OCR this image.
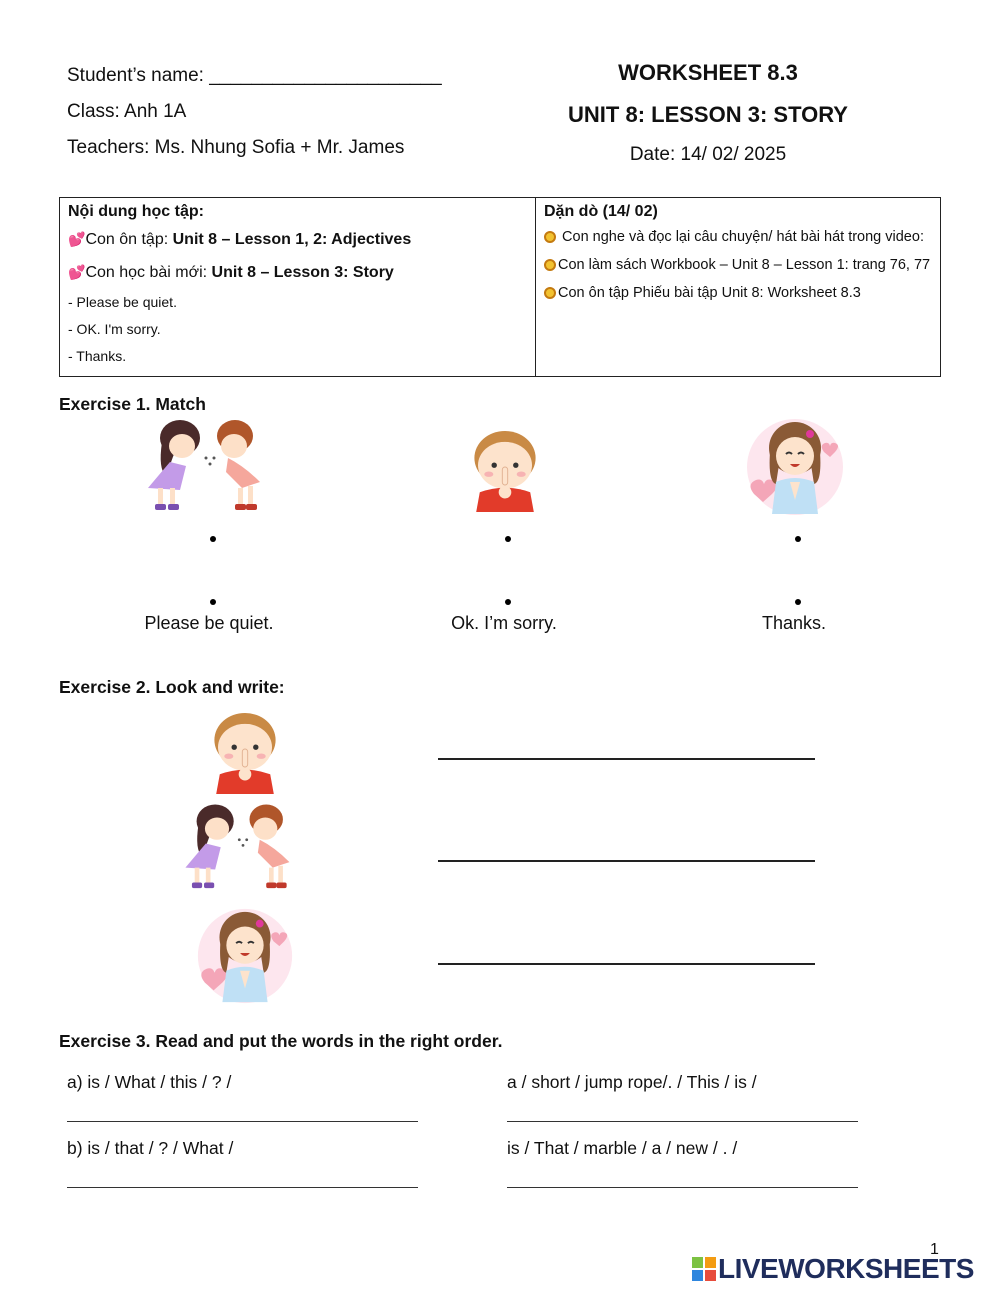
Student’s name: ______________________
Class: Anh 1A
Teachers: Ms. Nhung Sofia + Mr. James
WORKSHEET 8.3
UNIT 8: LESSON 3: STORY
Date: 14/ 02/ 2025
Nội dung học tập:
💕Con ôn tập: Unit 8 – Lesson 1, 2: Adjectives
💕Con học bài mới: Unit 8 – Lesson 3: Story
- Please be quiet.
- OK. I'm sorry.
- Thanks.

Dặn dò (14/ 02)
Con nghe và đọc lại câu chuyện/ hát bài hát trong video:
Con làm sách Workbook – Unit 8 – Lesson 1: trang 76, 77
Con ôn tập Phiếu bài tập Unit 8: Worksheet 8.3
Exercise 1. Match
Please be quiet.	Ok. I’m sorry.	Thanks.
Exercise 2. Look and write:
Exercise 3. Read and put the words in the right order.
a) is / What / this / ? /	a / short / jump rope/. / This / is /
b) is / that / ? / What /	is / That / marble / a / new / . /
1
LIVEWORKSHEETS
